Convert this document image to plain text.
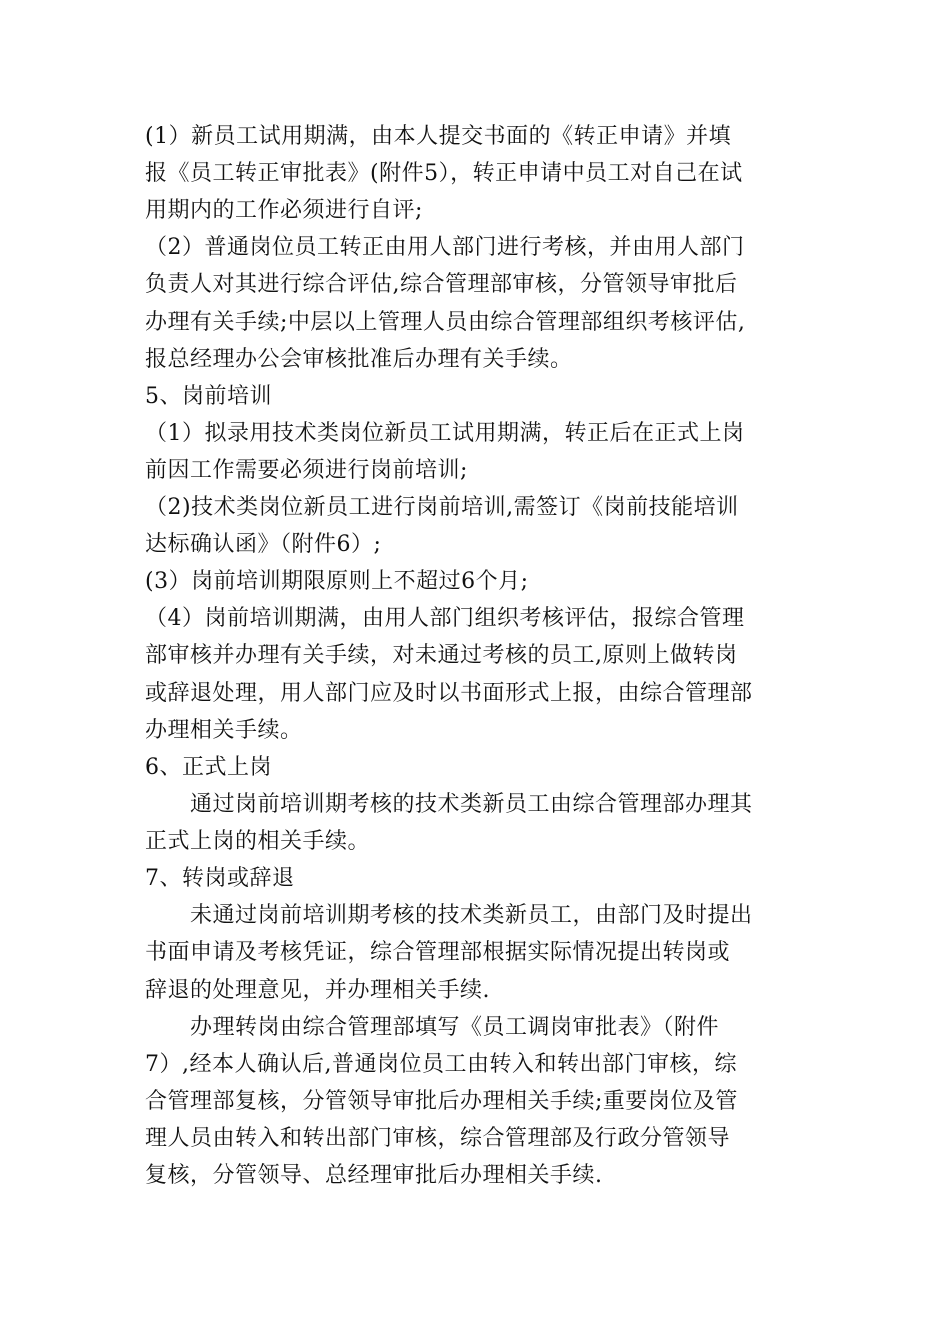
(1）新员工试用期满，由本人提交书面的《转正申请》并填
报《员工转正审批表》(附件5），转正申请中员工对自己在试
用期内的工作必须进行自评;
（2）普通岗位员工转正由用人部门进行考核，并由用人部门
负责人对其进行综合评估,综合管理部审核，分管领导审批后
办理有关手续;中层以上管理人员由综合管理部组织考核评估,
报总经理办公会审核批准后办理有关手续。
5、岗前培训
（1）拟录用技术类岗位新员工试用期满，转正后在正式上岗
前因工作需要必须进行岗前培训;
（2)技术类岗位新员工进行岗前培训,需签订《岗前技能培训
达标确认函》（附件6）;
(3）岗前培训期限原则上不超过6个月;
（4）岗前培训期满，由用人部门组织考核评估，报综合管理
部审核并办理有关手续，对未通过考核的员工,原则上做转岗
或辞退处理，用人部门应及时以书面形式上报，由综合管理部
办理相关手续。
6、正式上岗
通过岗前培训期考核的技术类新员工由综合管理部办理其
正式上岗的相关手续。
7、转岗或辞退
未通过岗前培训期考核的技术类新员工，由部门及时提出
书面申请及考核凭证，综合管理部根据实际情况提出转岗或
辞退的处理意见，并办理相关手续.
办理转岗由综合管理部填写《员工调岗审批表》（附件
7）,经本人确认后,普通岗位员工由转入和转出部门审核，综
合管理部复核，分管领导审批后办理相关手续;重要岗位及管
理人员由转入和转出部门审核，综合管理部及行政分管领导
复核，分管领导、总经理审批后办理相关手续.
